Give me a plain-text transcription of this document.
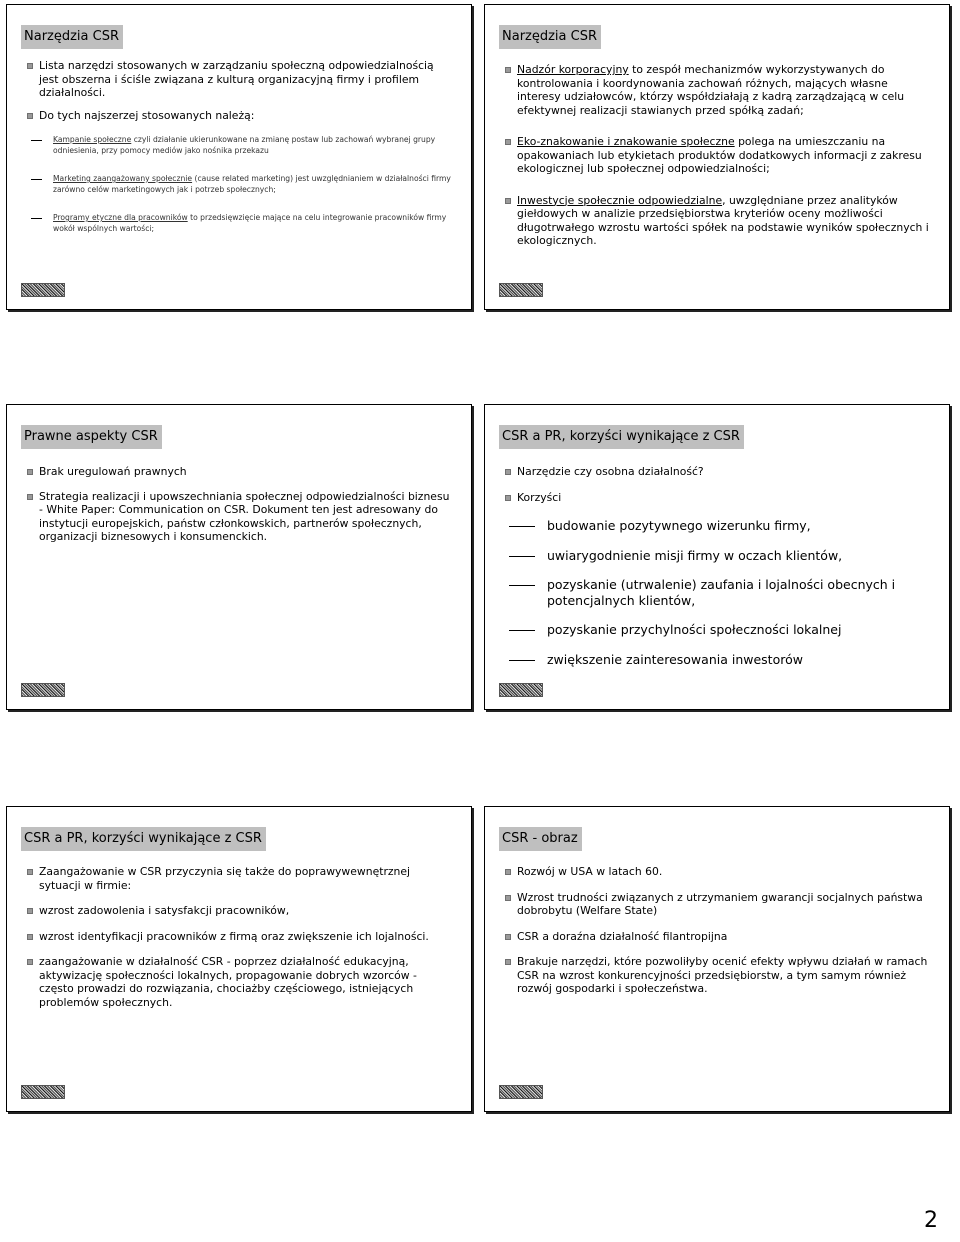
Narzędzia CSR
Lista narzędzi stosowanych w zarządzaniu społeczną odpowiedzialnością jest obszerna i ściśle związana z kulturą organizacyjną firmy i profilem działalności.
Do tych najszerzej stosowanych należą:
Kampanie społeczne czyli działanie ukierunkowane na zmianę postaw lub zachowań wybranej grupy odniesienia, przy pomocy mediów jako nośnika przekazu
Marketing zaangażowany społecznie (cause related marketing) jest uwzględnianiem w działalności firmy zarówno celów marketingowych jak i potrzeb społecznych;
Programy etyczne dla pracowników to przedsięwzięcie mające na celu integrowanie pracowników firmy wokół wspólnych wartości;
Narzędzia CSR
Nadzór korporacyjny to zespół mechanizmów wykorzystywanych do kontrolowania i koordynowania zachowań różnych, mających własne interesy udziałowców, którzy współdziałają z kadrą zarządzającą w celu efektywnej realizacji stawianych przed spółką zadań;
Eko-znakowanie i znakowanie społeczne polega na umieszczaniu na opakowaniach lub etykietach produktów dodatkowych informacji z zakresu ekologicznej lub społecznej odpowiedzialności;
Inwestycje społecznie odpowiedzialne, uwzględniane przez analityków giełdowych w analizie przedsiębiorstwa kryteriów oceny możliwości długotrwałego wzrostu wartości spółek na podstawie wyników społecznych i ekologicznych.
Prawne aspekty CSR
Brak uregulowań prawnych
Strategia realizacji i upowszechniania społecznej odpowiedzialności biznesu - White Paper: Communication on CSR. Dokument ten jest adresowany do instytucji europejskich, państw członkowskich, partnerów społecznych, organizacji biznesowych i konsumenckich.
CSR a PR, korzyści wynikające z CSR
Narzędzie czy osobna działalność?
Korzyści
budowanie pozytywnego wizerunku firmy,
uwiarygodnienie misji firmy w oczach klientów,
pozyskanie (utrwalenie) zaufania i lojalności obecnych i potencjalnych klientów,
pozyskanie przychylności społeczności lokalnej
zwiększenie zainteresowania inwestorów
CSR a PR, korzyści wynikające z CSR
Zaangażowanie w CSR przyczynia się także do poprawywewnętrznej sytuacji w firmie:
wzrost zadowolenia i satysfakcji pracowników,
wzrost identyfikacji pracowników z firmą oraz zwiększenie ich lojalności.
zaangażowanie w działalność CSR - poprzez działalność edukacyjną, aktywizację społeczności lokalnych, propagowanie dobrych wzorców - często prowadzi do rozwiązania, chociażby częściowego, istniejących problemów społecznych.
CSR - obraz
Rozwój w USA w latach 60.
Wzrost trudności związanych z utrzymaniem gwarancji socjalnych państwa dobrobytu (Welfare State)
CSR a doraźna działalność filantropijna
Brakuje narzędzi, które pozwoliłyby ocenić efekty wpływu działań w ramach CSR na wzrost konkurencyjności przedsiębiorstw, a tym samym również rozwój gospodarki i społeczeństwa.
2
